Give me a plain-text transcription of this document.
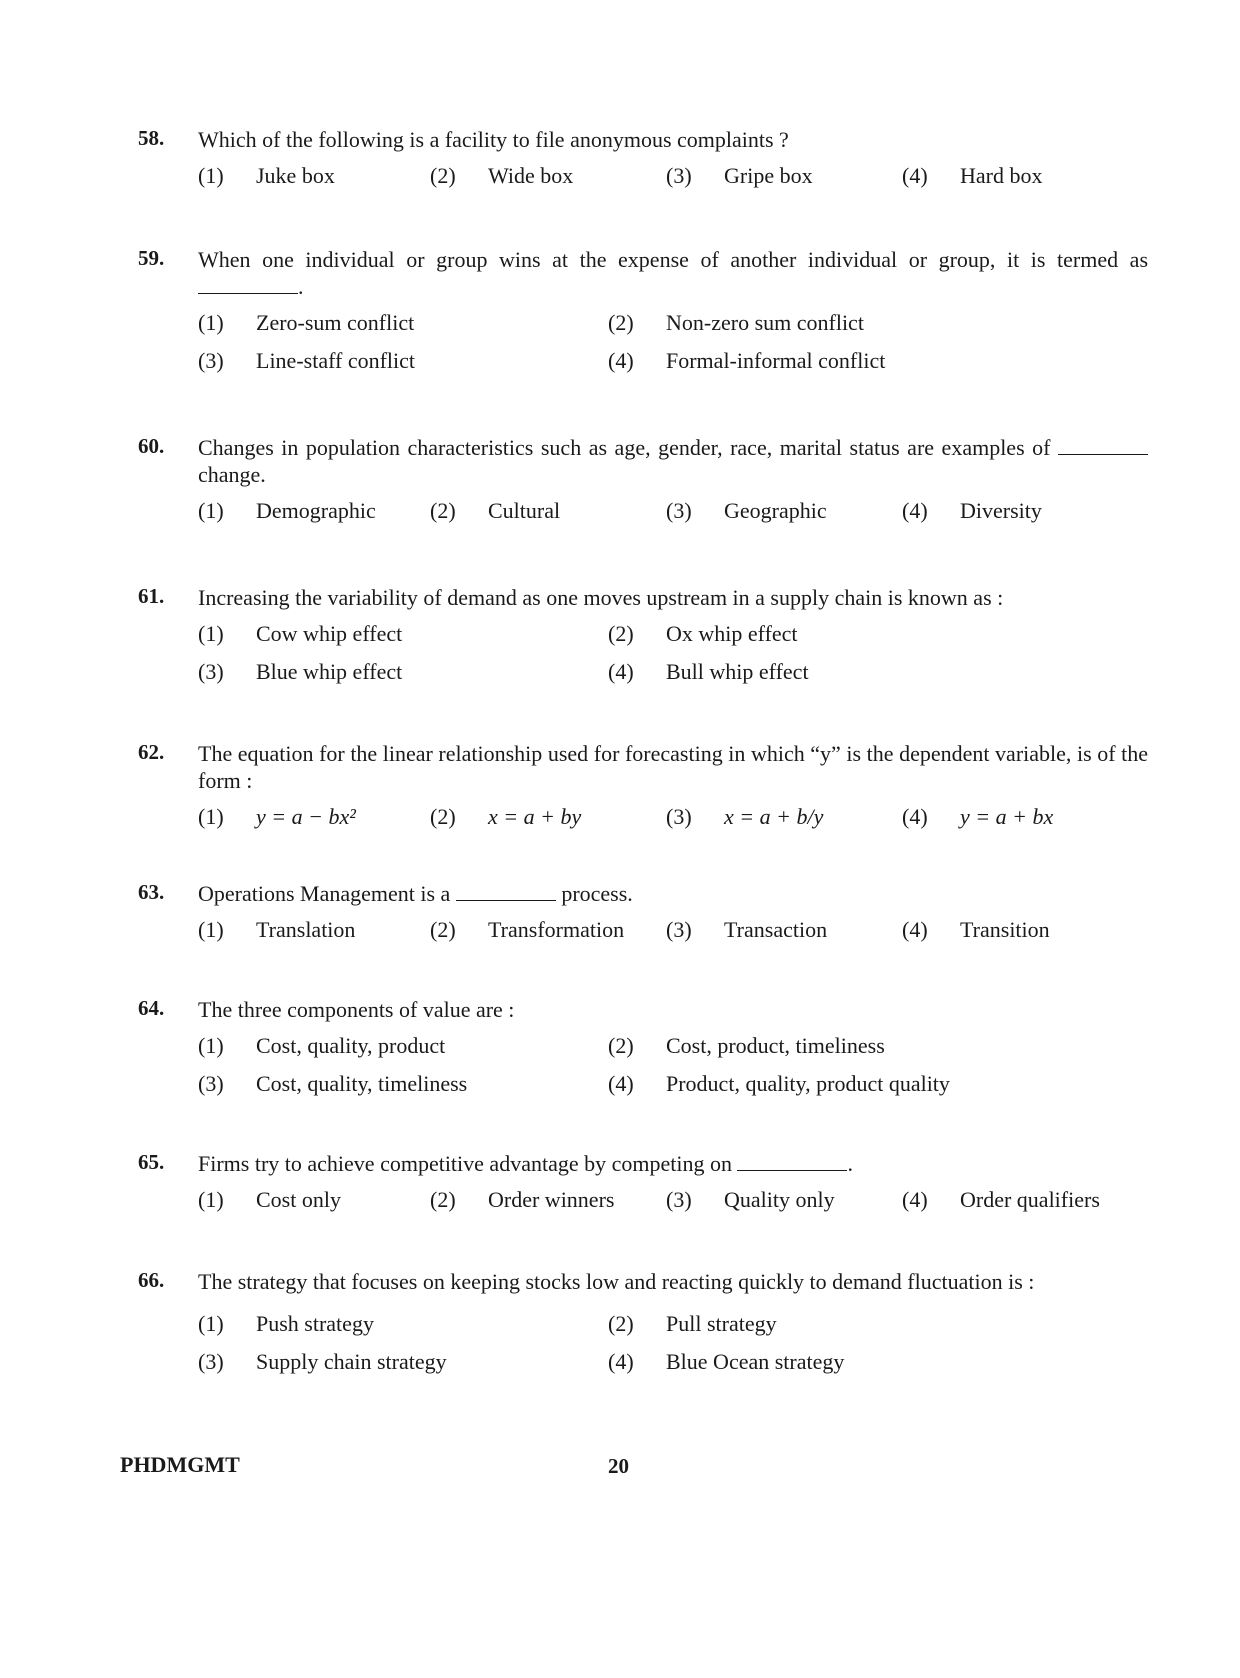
58. Which of the following is a facility to file anonymous complaints ?
(1) Juke box	(2) Wide box	(3) Gripe box	(4) Hard box
59. When one individual or group wins at the expense of another individual or group, it is termed as .
(1) Zero-sum conflict	(2) Non-zero sum conflict
(3) Line-staff conflict	(4) Formal-informal conflict
60. Changes in population characteristics such as age, gender, race, marital status are examples of  change.
(1) Demographic (2) Cultural	(3) Geographic	(4) Diversity
61. Increasing the variability of demand as one moves upstream in a supply chain is known as :
(1) Cow whip effect	(2) Ox whip effect
(3) Blue whip effect	(4) Bull whip effect
62. The equation for the linear relationship used for forecasting in which “y” is the dependent variable, is of the form :
(1) y = a − bx²	(2) x = a + by	(3) x = a + b/y	(4) y = a + bx
63. Operations Management is a	process.
(1) Translation	(2) Transformation (3) Transaction	(4) Transition
64. The three components of value are :
(1) Cost, quality, product	(2) Cost, product, timeliness
(3) Cost, quality, timeliness	(4) Product, quality, product quality
65. Firms try to achieve competitive advantage by competing on	.
(1) Cost only	(2) Order winners (3) Quality only	(4) Order qualifiers
66. The strategy that focuses on keeping stocks low and reacting quickly to demand fluctuation is :
(1) Push strategy	(2) Pull strategy
(3) Supply chain strategy	(4) Blue Ocean strategy
PHDMGMT	20
